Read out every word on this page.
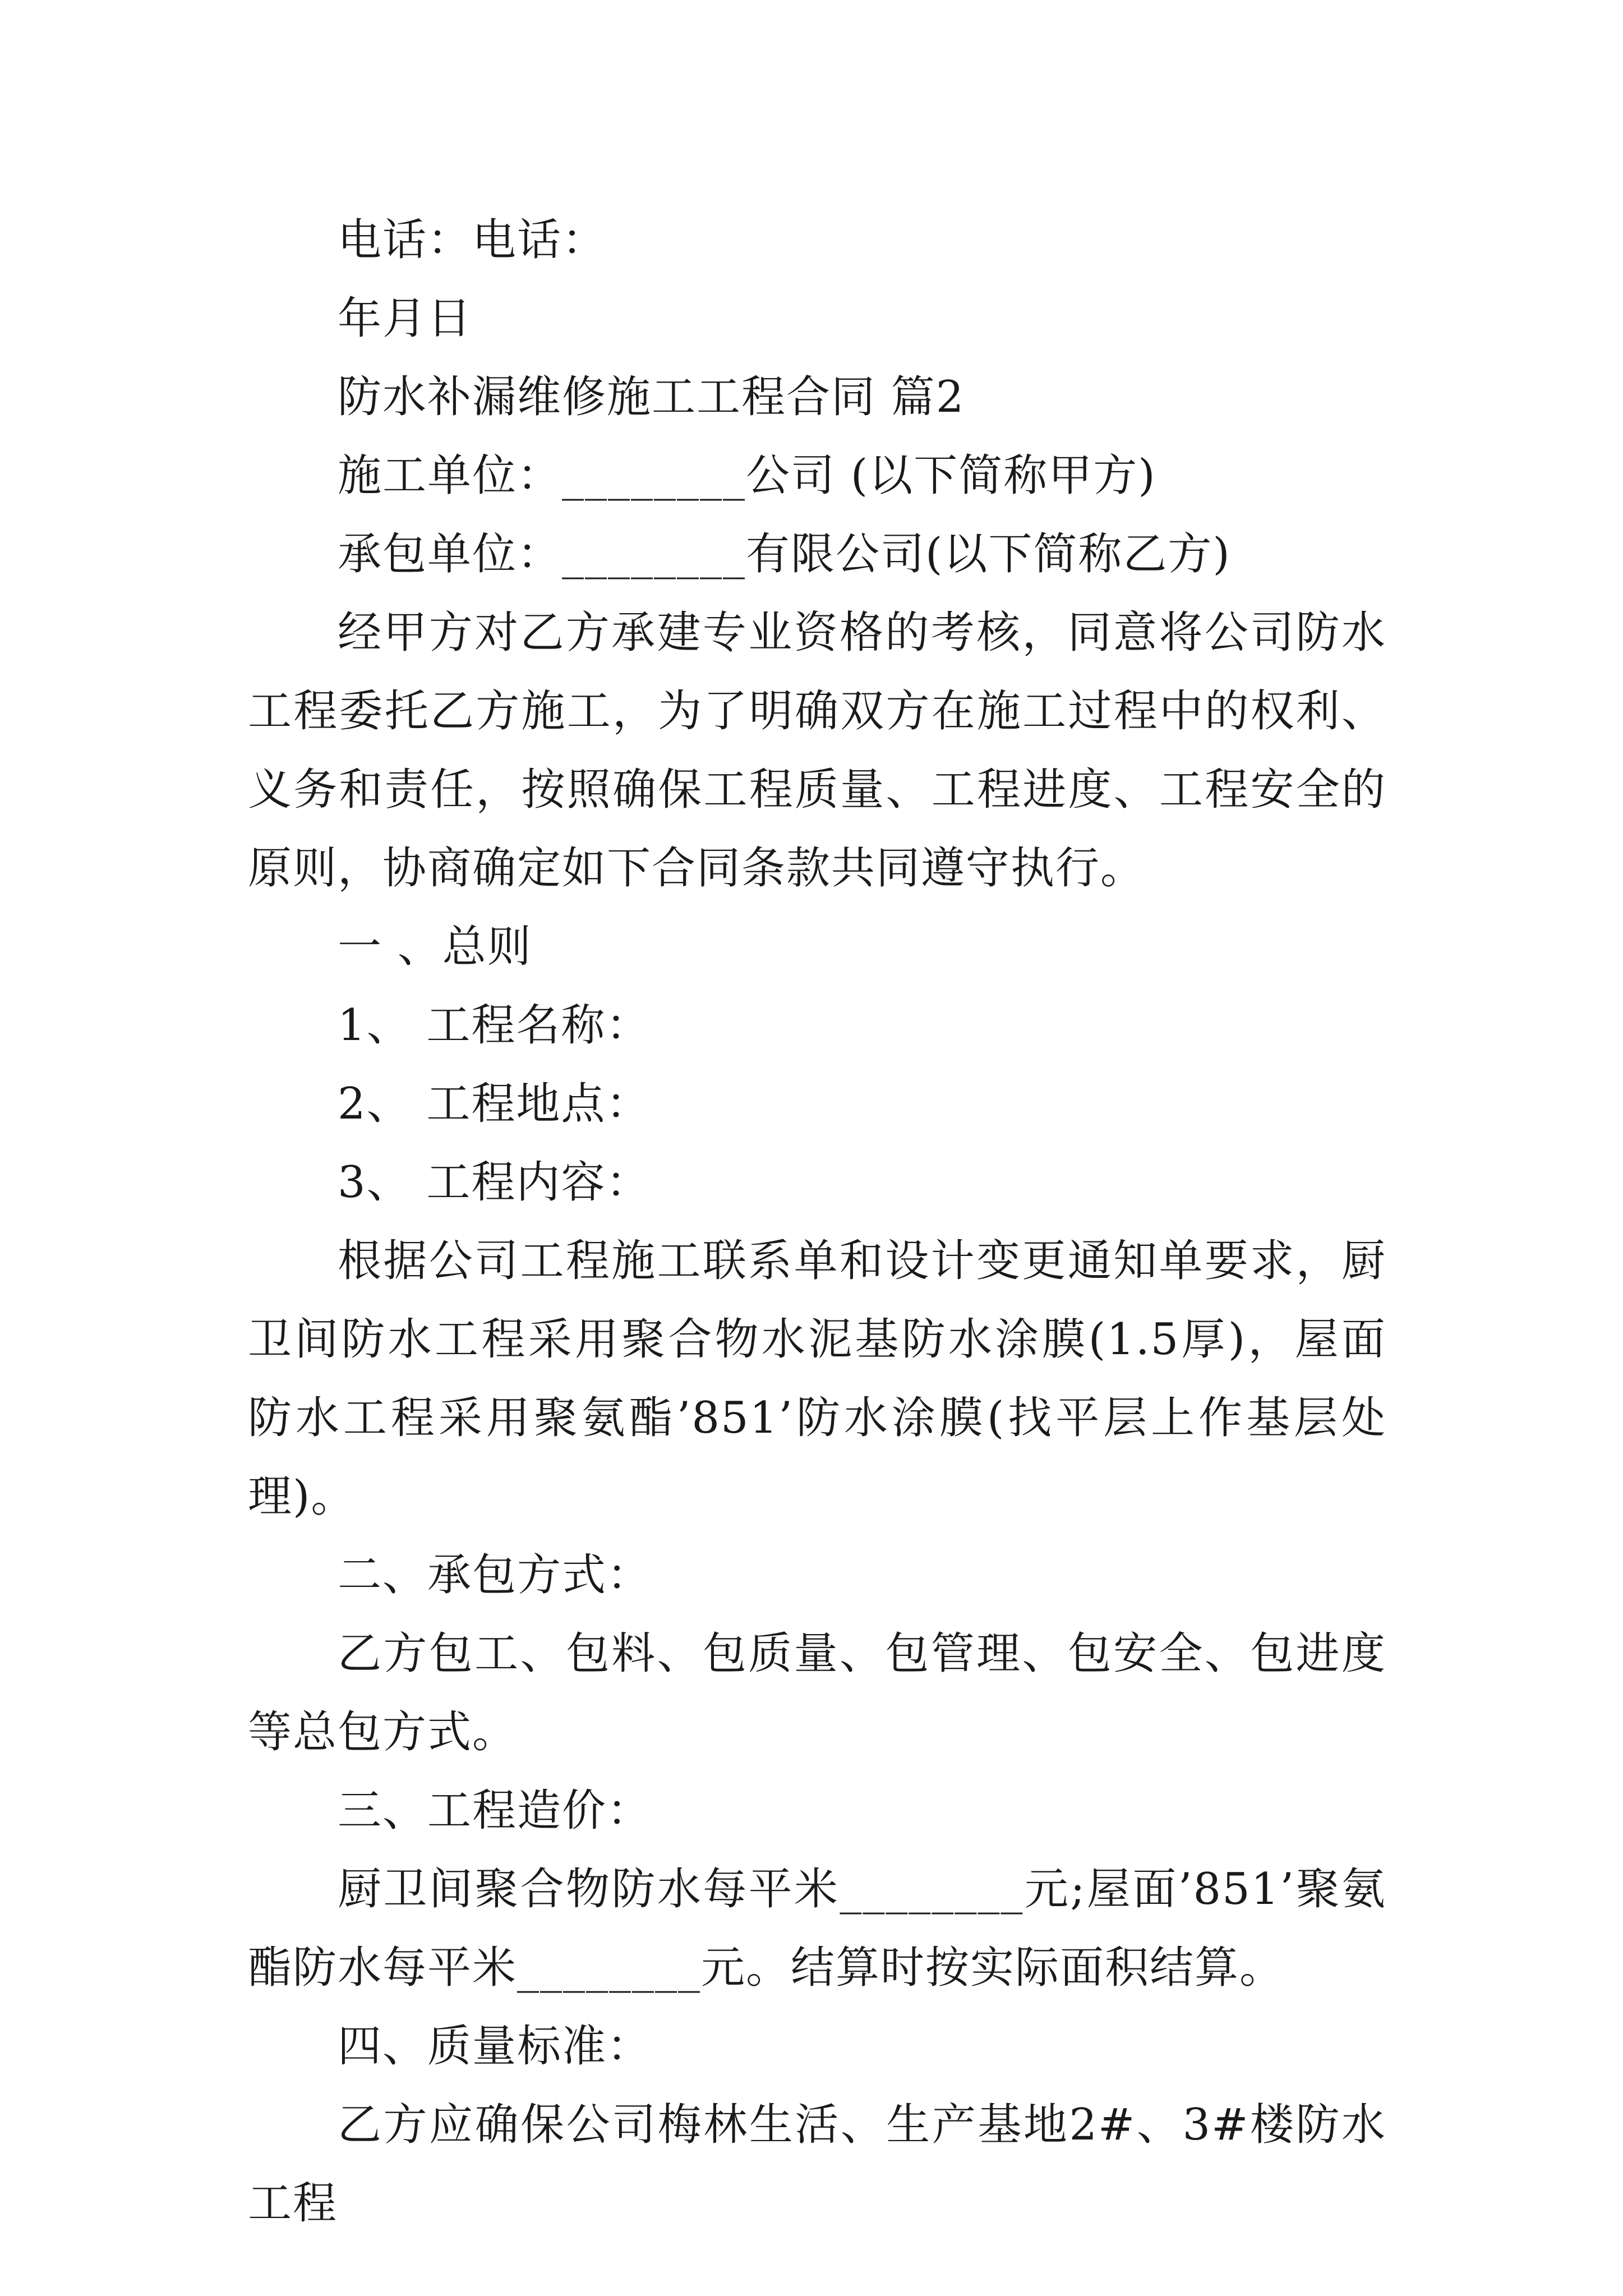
电话：电话：

年月日

防水补漏维修施工工程合同 篇2

施工单位：________公司 (以下简称甲方)

承包单位：________有限公司(以下简称乙方)

经甲方对乙方承建专业资格的考核，同意将公司防水工程委托乙方施工，为了明确双方在施工过程中的权利、义务和责任，按照确保工程质量、工程进度、工程安全的原则，协商确定如下合同条款共同遵守执行。

一 、总则

1、 工程名称：

2、 工程地点：

3、 工程内容：

根据公司工程施工联系单和设计变更通知单要求，厨卫间防水工程采用聚合物水泥基防水涂膜(1.5厚)，屋面防水工程采用聚氨酯’851’防水涂膜(找平层上作基层处理)。

二、承包方式：

乙方包工、包料、包质量、包管理、包安全、包进度等总包方式。

三、工程造价：

厨卫间聚合物防水每平米________元;屋面’851’聚氨酯防水每平米________元。结算时按实际面积结算。

四、质量标准：

乙方应确保公司梅林生活、生产基地2#、3#楼防水工程
